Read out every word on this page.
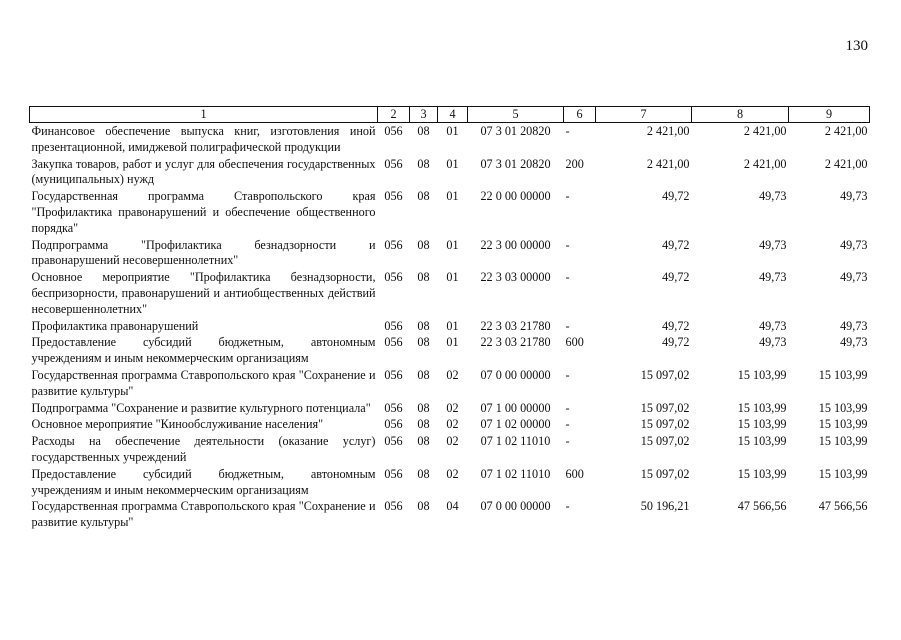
130
1	2	3	4	5	6	7	8	9
Финансовое обеспечение выпуска книг, изготовления иной презентационной, имиджевой полиграфической продукции	056	08	01	07 3 01 20820	-	2 421,00	2 421,00	2 421,00
Закупка товаров, работ и услуг для обеспечения государственных (муниципальных) нужд	056	08	01	07 3 01 20820	200	2 421,00	2 421,00	2 421,00
Государственная программа Ставропольского края "Профилактика правонарушений и обеспечение общественного порядка"	056	08	01	22 0 00 00000	-	49,72	49,73	49,73
Подпрограмма "Профилактика безнадзорности и правонарушений несовершеннолетних"	056	08	01	22 3 00 00000	-	49,72	49,73	49,73
Основное мероприятие "Профилактика безнадзорности, беспризорности, правонарушений и антиобщественных действий несовершеннолетних"	056	08	01	22 3 03 00000	-	49,72	49,73	49,73
Профилактика правонарушений	056	08	01	22 3 03 21780	-	49,72	49,73	49,73
Предоставление субсидий бюджетным, автономным учреждениям и иным некоммерческим организациям	056	08	01	22 3 03 21780	600	49,72	49,73	49,73
Государственная программа Ставропольского края "Сохранение и развитие культуры"	056	08	02	07 0 00 00000	-	15 097,02	15 103,99	15 103,99
Подпрограмма "Сохранение и развитие культурного потенциала"	056	08	02	07 1 00 00000	-	15 097,02	15 103,99	15 103,99
Основное мероприятие "Кинообслуживание населения"	056	08	02	07 1 02 00000	-	15 097,02	15 103,99	15 103,99
Расходы на обеспечение деятельности (оказание услуг) государственных учреждений	056	08	02	07 1 02 11010	-	15 097,02	15 103,99	15 103,99
Предоставление субсидий бюджетным, автономным учреждениям и иным некоммерческим организациям	056	08	02	07 1 02 11010	600	15 097,02	15 103,99	15 103,99
Государственная программа Ставропольского края "Сохранение и развитие культуры"	056	08	04	07 0 00 00000	-	50 196,21	47 566,56	47 566,56
